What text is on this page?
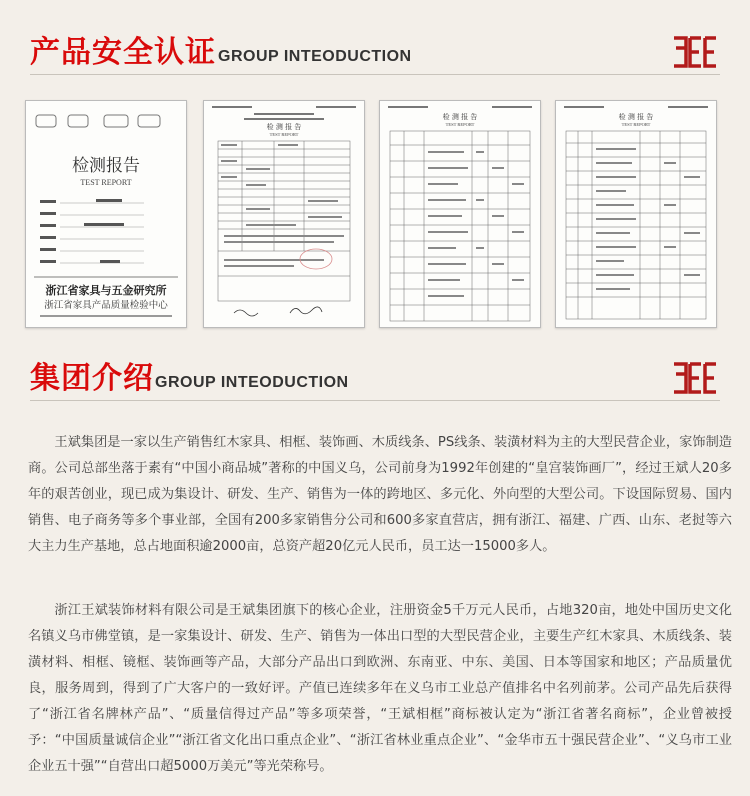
产品安全认证 GROUP INTEODUCTION
检测报告
TEST REPORT
浙江省家具与五金研究所
浙江省家具产品质量检验中心
检 测 报 告
TEST REPORT
检 测 报 告
TEST REPORT
检 测 报 告
TEST REPORT
集团介绍 GROUP INTEODUCTION

王斌集团是一家以生产销售红木家具、相框、装饰画、木质线条、PS线条、装潢材料为主的大型民营企业，家饰制造商。公司总部坐落于素有“中国小商品城”著称的中国义乌，公司前身为1992年创建的“皇宫装饰画厂”，经过王斌人20多年的艰苦创业，现已成为集设计、研发、生产、销售为一体的跨地区、多元化、外向型的大型公司。下设国际贸易、国内销售、电子商务等多个事业部，全国有200多家销售分公司和600多家直营店，拥有浙江、福建、广西、山东、老挝等六大主力生产基地，总占地面积逾2000亩，总资产超20亿元人民币，员工达一15000多人。

浙江王斌装饰材料有限公司是王斌集团旗下的核心企业，注册资金5千万元人民币，占地320亩，地处中国历史文化名镇义乌市佛堂镇，是一家集设计、研发、生产、销售为一体出口型的大型民营企业，主要生产红木家具、木质线条、装潢材料、相框、镜框、装饰画等产品，大部分产品出口到欧洲、东南亚、中东、美国、日本等国家和地区；产品质量优良，服务周到，得到了广大客户的一致好评。产值已连续多年在义乌市工业总产值排名中名列前茅。公司产品先后获得了“浙江省名牌林产品”、“质量信得过产品”等多项荣誉，“王斌相框”商标被认定为“浙江省著名商标”，企业曾被授予：“中国质量诚信企业”“浙江省文化出口重点企业”、“浙江省林业重点企业”、“金华市五十强民营企业”、“义乌市工业企业五十强”“自营出口超5000万美元”等光荣称号。
